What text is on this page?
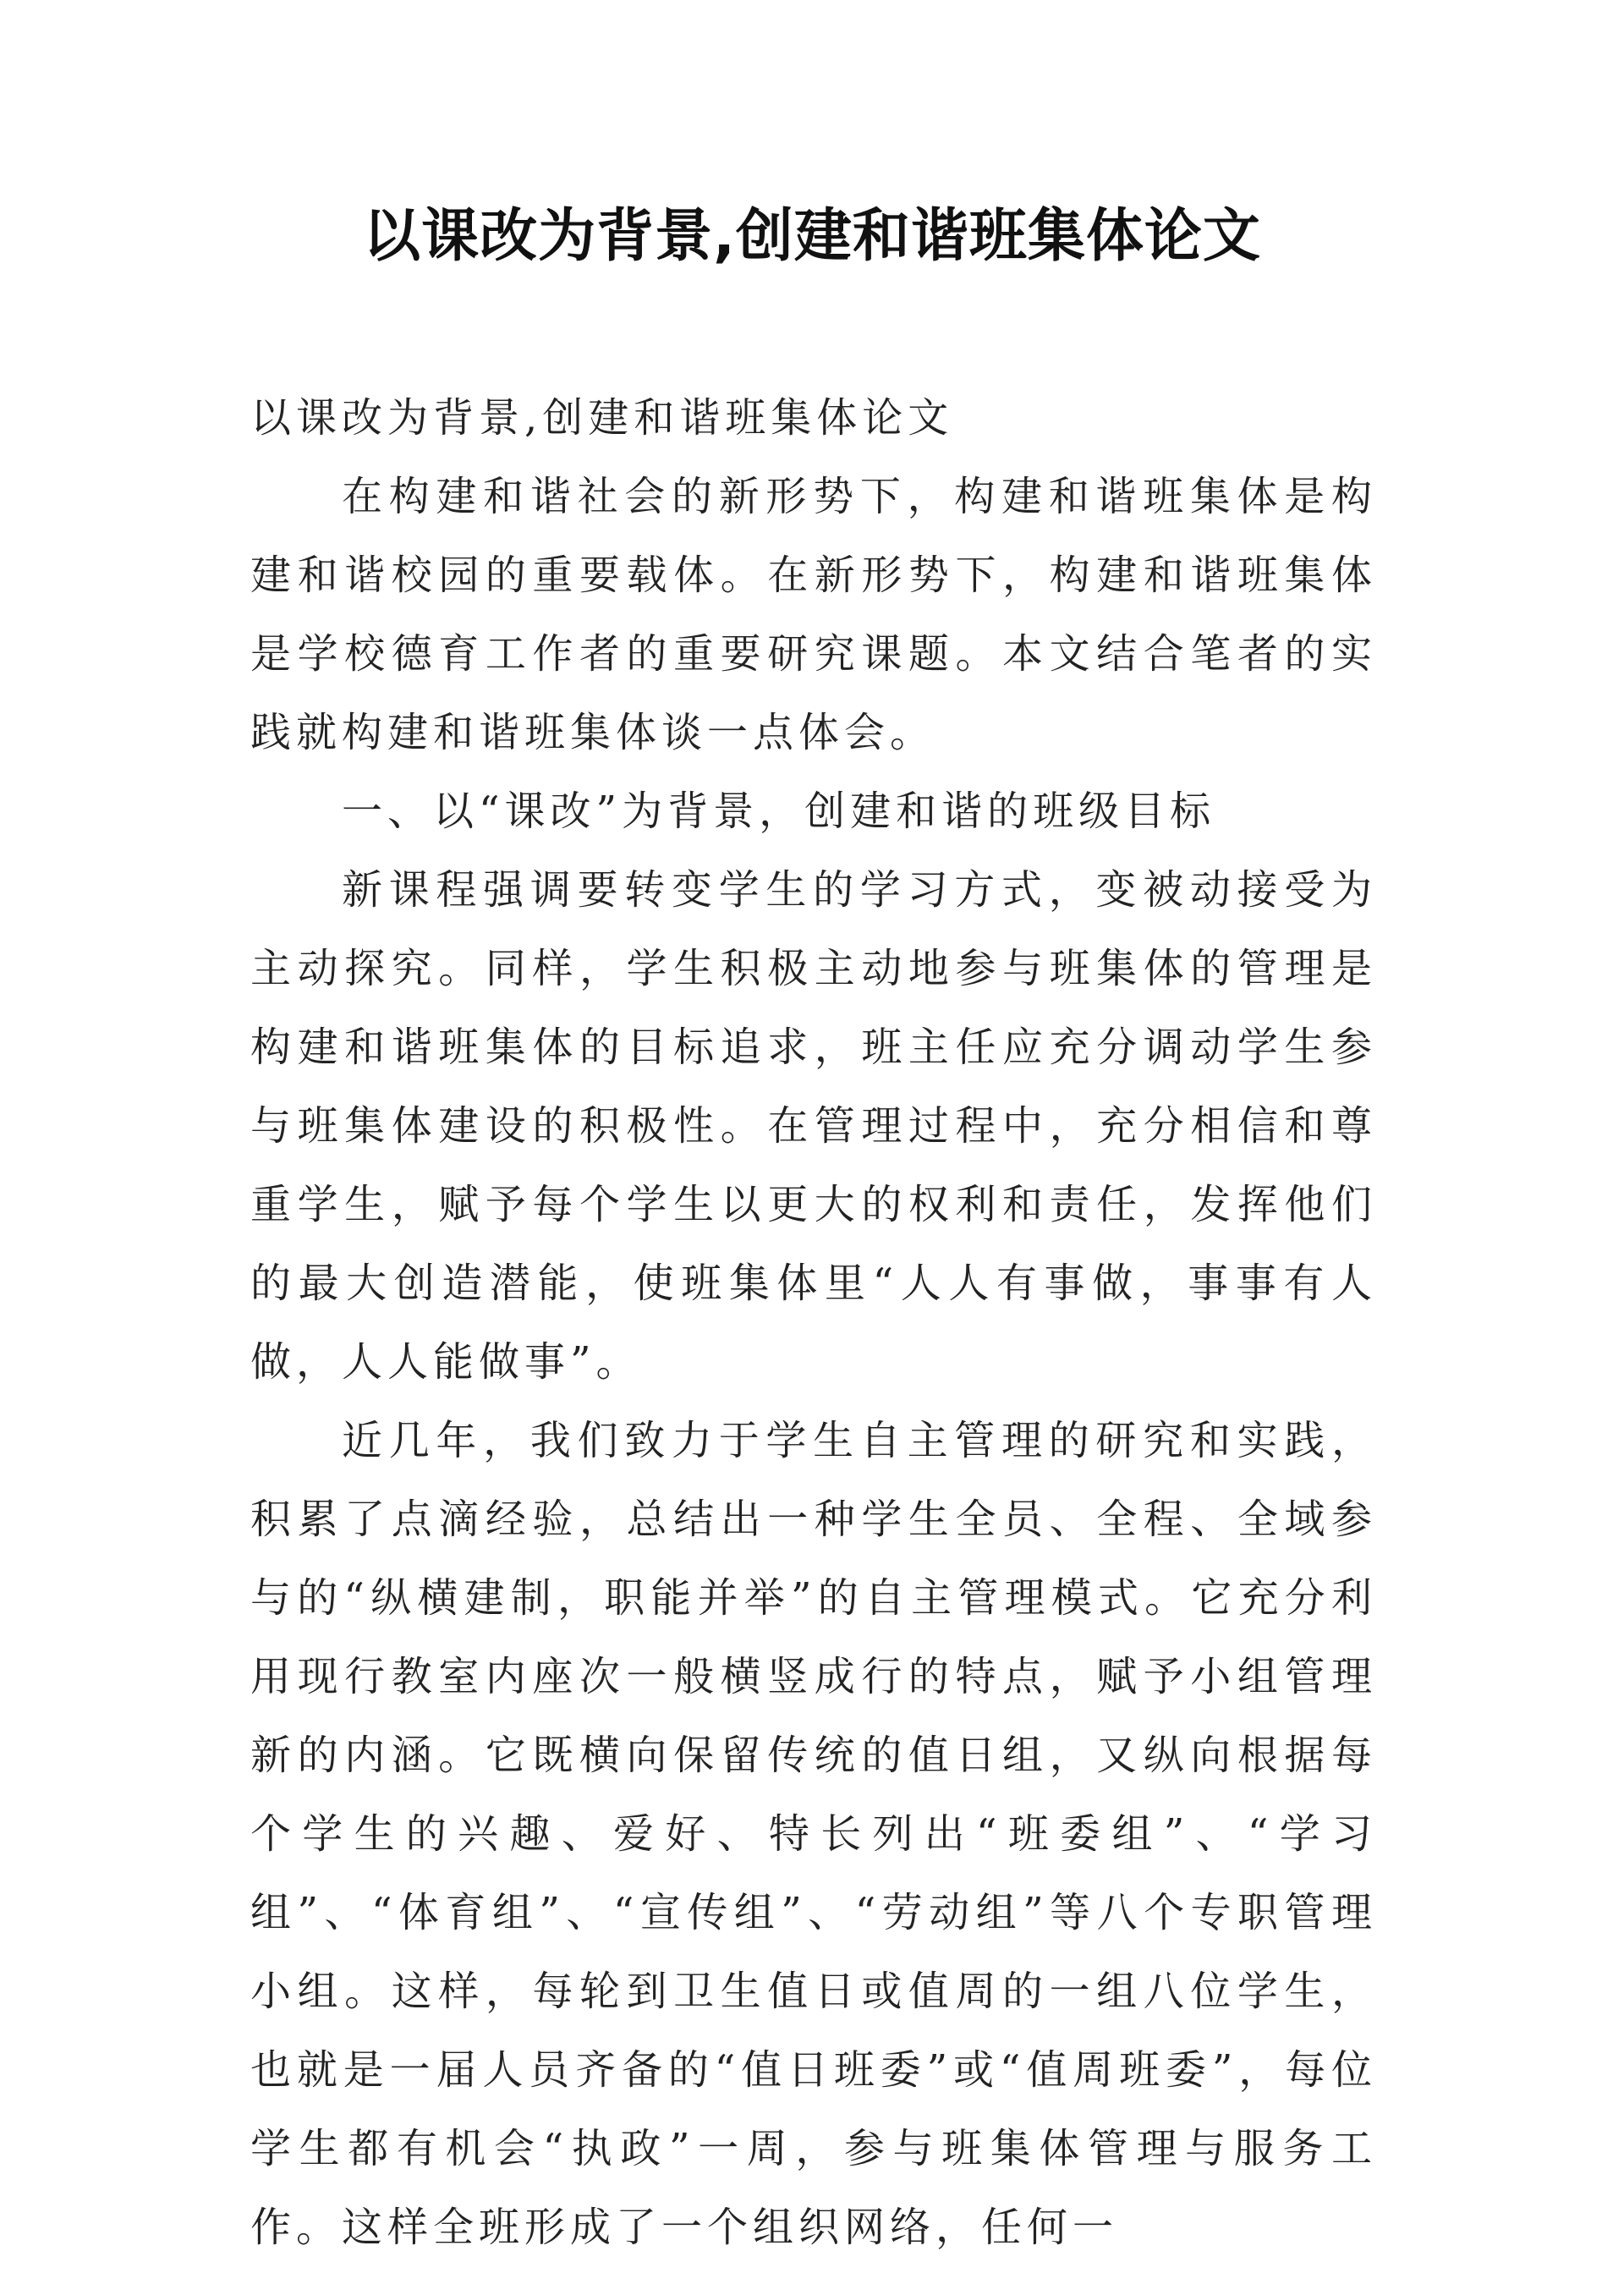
以课改为背景,创建和谐班集体论文

以课改为背景,创建和谐班集体论文

在构建和谐社会的新形势下，构建和谐班集体是构建和谐校园的重要载体。在新形势下，构建和谐班集体是学校德育工作者的重要研究课题。本文结合笔者的实践就构建和谐班集体谈一点体会。

一、以“课改”为背景，创建和谐的班级目标

新课程强调要转变学生的学习方式，变被动接受为主动探究。同样，学生积极主动地参与班集体的管理是构建和谐班集体的目标追求，班主任应充分调动学生参与班集体建设的积极性。在管理过程中，充分相信和尊重学生，赋予每个学生以更大的权利和责任，发挥他们的最大创造潜能，使班集体里“人人有事做，事事有人做，人人能做事”。

近几年，我们致力于学生自主管理的研究和实践，积累了点滴经验，总结出一种学生全员、全程、全域参与的“纵横建制，职能并举”的自主管理模式。它充分利用现行教室内座次一般横竖成行的特点，赋予小组管理新的内涵。它既横向保留传统的值日组，又纵向根据每个学生的兴趣、爱好、特长列出“班委组”、“学习组”、“体育组”、“宣传组”、“劳动组”等八个专职管理小组。这样，每轮到卫生值日或值周的一组八位学生，也就是一届人员齐备的“值日班委”或“值周班委”，每位学生都有机会“执政”一周，参与班集体管理与服务工作。这样全班形成了一个组织网络，任何一
